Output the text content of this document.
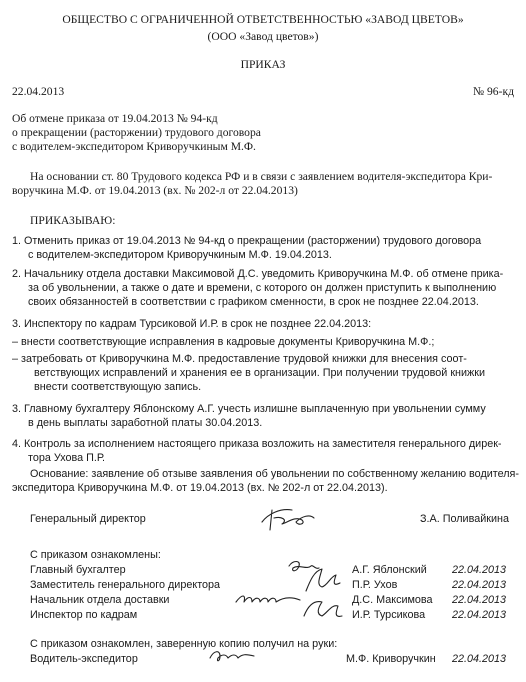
ОБЩЕСТВО С ОГРАНИЧЕННОЙ ОТВЕТСТВЕННОСТЬЮ «ЗАВОД ЦВЕТОВ»
(ООО «Завод цветов»)
ПРИКАЗ
22.04.2013	№ 96-кд
Об отмене приказа от 19.04.2013 № 94-кд
о прекращении (расторжении) трудового договора
с водителем-экспедитором Криворучкиным М.Ф.
На основании ст. 80 Трудового кодекса РФ и в связи с заявлением водителя-экспедитора Кри-
воручкина М.Ф. от 19.04.2013 (вх. № 202-л от 22.04.2013)
ПРИКАЗЫВАЮ:
1. Отменить приказ от 19.04.2013 № 94-кд о прекращении (расторжении) трудового договора
с водителем-экспедитором Криворучкиным М.Ф. 19.04.2013.
2. Начальнику отдела доставки Максимовой Д.С. уведомить Криворучкина М.Ф. об отмене прика-
за об увольнении, а также о дате и времени, с которого он должен приступить к выполнению
своих обязанностей в соответствии с графиком сменности, в срок не позднее 22.04.2013.
3. Инспектору по кадрам Турсиковой И.Р. в срок не позднее 22.04.2013:
– внести соответствующие исправления в кадровые документы Криворучкина М.Ф.;
– затребовать от Криворучкина М.Ф. предоставление трудовой книжки для внесения соот-
ветствующих исправлений и хранения ее в организации. При получении трудовой книжки
внести соответствующую запись.
3. Главному бухгалтеру Яблонскому А.Г. учесть излишне выплаченную при увольнении сумму
в день выплаты заработной платы 30.04.2013.
4. Контроль за исполнением настоящего приказа возложить на заместителя генерального дирек-
тора Ухова П.Р.
Основание: заявление об отзыве заявления об увольнении по собственному желанию водителя-
экспедитора Криворучкина М.Ф. от 19.04.2013 (вх. № 202-л от 22.04.2013).
Генеральный директор	З.А. Поливайкина
С приказом ознакомлены:
Главный бухгалтер	А.Г. Яблонский 22.04.2013
Заместитель генерального директора	П.Р. Ухов	22.04.2013
Начальник отдела доставки	Д.С. Максимова 22.04.2013
Инспектор по кадрам	И.Р. Турсикова 22.04.2013
С приказом ознакомлен, заверенную копию получил на руки:
Водитель-экспедитор	М.Ф. Криворучкин 22.04.2013
